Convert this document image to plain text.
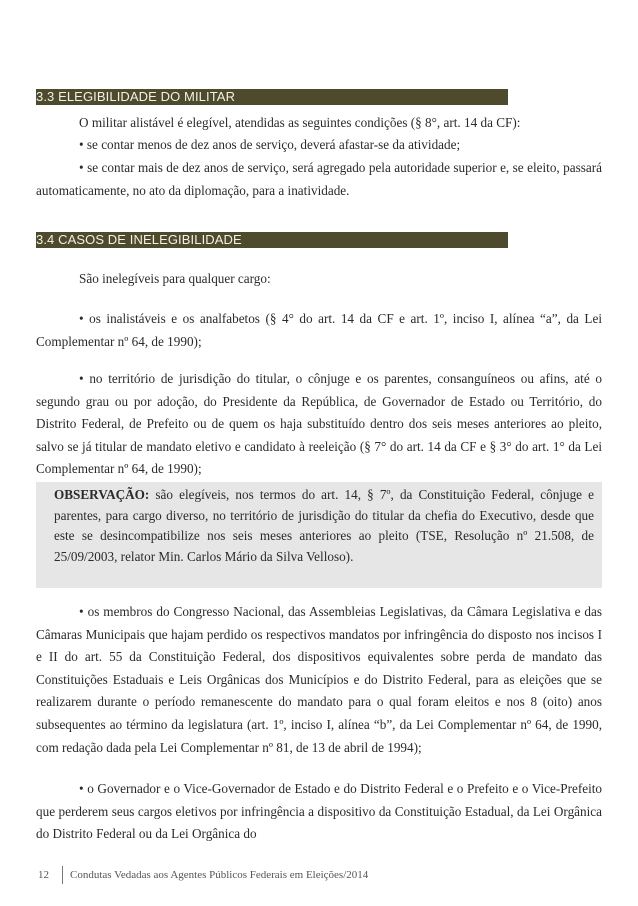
3.3 ELEGIBILIDADE DO MILITAR

O militar alistável é elegível, atendidas as seguintes condições (§ 8°, art. 14 da CF):

• se contar menos de dez anos de serviço, deverá afastar-se da atividade;

• se contar mais de dez anos de serviço, será agregado pela autoridade superior e, se eleito, passará automaticamente, no ato da diplomação, para a inatividade.

3.4 CASOS DE INELEGIBILIDADE

São inelegíveis para qualquer cargo:

• os inalistáveis e os analfabetos (§ 4° do art. 14 da CF e art. 1º, inciso I, alínea “a”, da Lei Complementar nº 64, de 1990);

• no território de jurisdição do titular, o cônjuge e os parentes, consanguíneos ou afins, até o segundo grau ou por adoção, do Presidente da República, de Governador de Estado ou Território, do Distrito Federal, de Prefeito ou de quem os haja substituído dentro dos seis meses anteriores ao pleito, salvo se já titular de mandato eletivo e candidato à reeleição (§ 7° do art. 14 da CF e § 3° do art. 1° da Lei Complementar nº 64, de 1990);

OBSERVAÇÃO: são elegíveis, nos termos do art. 14, § 7º, da Constituição Federal, cônjuge e parentes, para cargo diverso, no território de jurisdição do titular da chefia do Executivo, desde que este se desincompatibilize nos seis meses anteriores ao pleito (TSE, Resolução nº 21.508, de 25/09/2003, relator Min. Carlos Mário da Silva Velloso).

• os membros do Congresso Nacional, das Assembleias Legislativas, da Câmara Legislativa e das Câmaras Municipais que hajam perdido os respectivos mandatos por infringência do disposto nos incisos I e II do art. 55 da Constituição Federal, dos dispositivos equivalentes sobre perda de mandato das Constituições Estaduais e Leis Orgânicas dos Municípios e do Distrito Federal, para as eleições que se realizarem durante o período remanescente do mandato para o qual foram eleitos e nos 8 (oito) anos subsequentes ao término da legislatura (art. 1º, inciso I, alínea “b”, da Lei Complementar nº 64, de 1990, com redação dada pela Lei Complementar nº 81, de 13 de abril de 1994);

• o Governador e o Vice-Governador de Estado e do Distrito Federal e o Prefeito e o Vice-Prefeito que perderem seus cargos eletivos por infringência a dispositivo da Constituição Estadual, da Lei Orgânica do Distrito Federal ou da Lei Orgânica do

12	Condutas Vedadas aos Agentes Públicos Federais em Eleições/2014
